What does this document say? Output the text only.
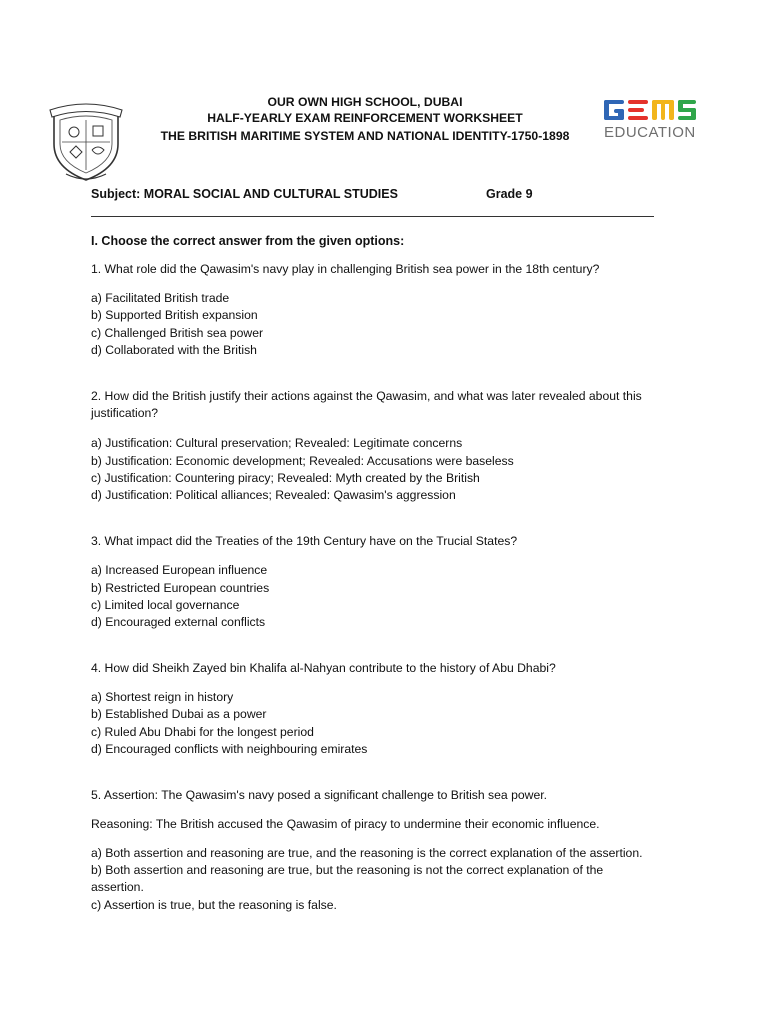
EDUCATION
OUR OWN HIGH SCHOOL, DUBAI
HALF-YEARLY EXAM REINFORCEMENT WORKSHEET
THE BRITISH MARITIME SYSTEM AND NATIONAL IDENTITY-1750-1898
Subject: MORAL SOCIAL AND CULTURAL STUDIES	Grade 9
I. Choose the correct answer from the given options:
1. What role did the Qawasim's navy play in challenging British sea power in the 18th century?
a) Facilitated British trade
b) Supported British expansion
c) Challenged British sea power
d) Collaborated with the British
2. How did the British justify their actions against the Qawasim, and what was later revealed about this
justification?
a) Justification: Cultural preservation; Revealed: Legitimate concerns
b) Justification: Economic development; Revealed: Accusations were baseless
c) Justification: Countering piracy; Revealed: Myth created by the British
d) Justification: Political alliances; Revealed: Qawasim's aggression
3. What impact did the Treaties of the 19th Century have on the Trucial States?
a) Increased European influence
b) Restricted European countries
c) Limited local governance
d) Encouraged external conflicts
4. How did Sheikh Zayed bin Khalifa al-Nahyan contribute to the history of Abu Dhabi?
a) Shortest reign in history
b) Established Dubai as a power
c) Ruled Abu Dhabi for the longest period
d) Encouraged conflicts with neighbouring emirates
5. Assertion: The Qawasim's navy posed a significant challenge to British sea power.
Reasoning: The British accused the Qawasim of piracy to undermine their economic influence.
a) Both assertion and reasoning are true, and the reasoning is the correct explanation of the assertion.
b) Both assertion and reasoning are true, but the reasoning is not the correct explanation of the
assertion.
c) Assertion is true, but the reasoning is false.
